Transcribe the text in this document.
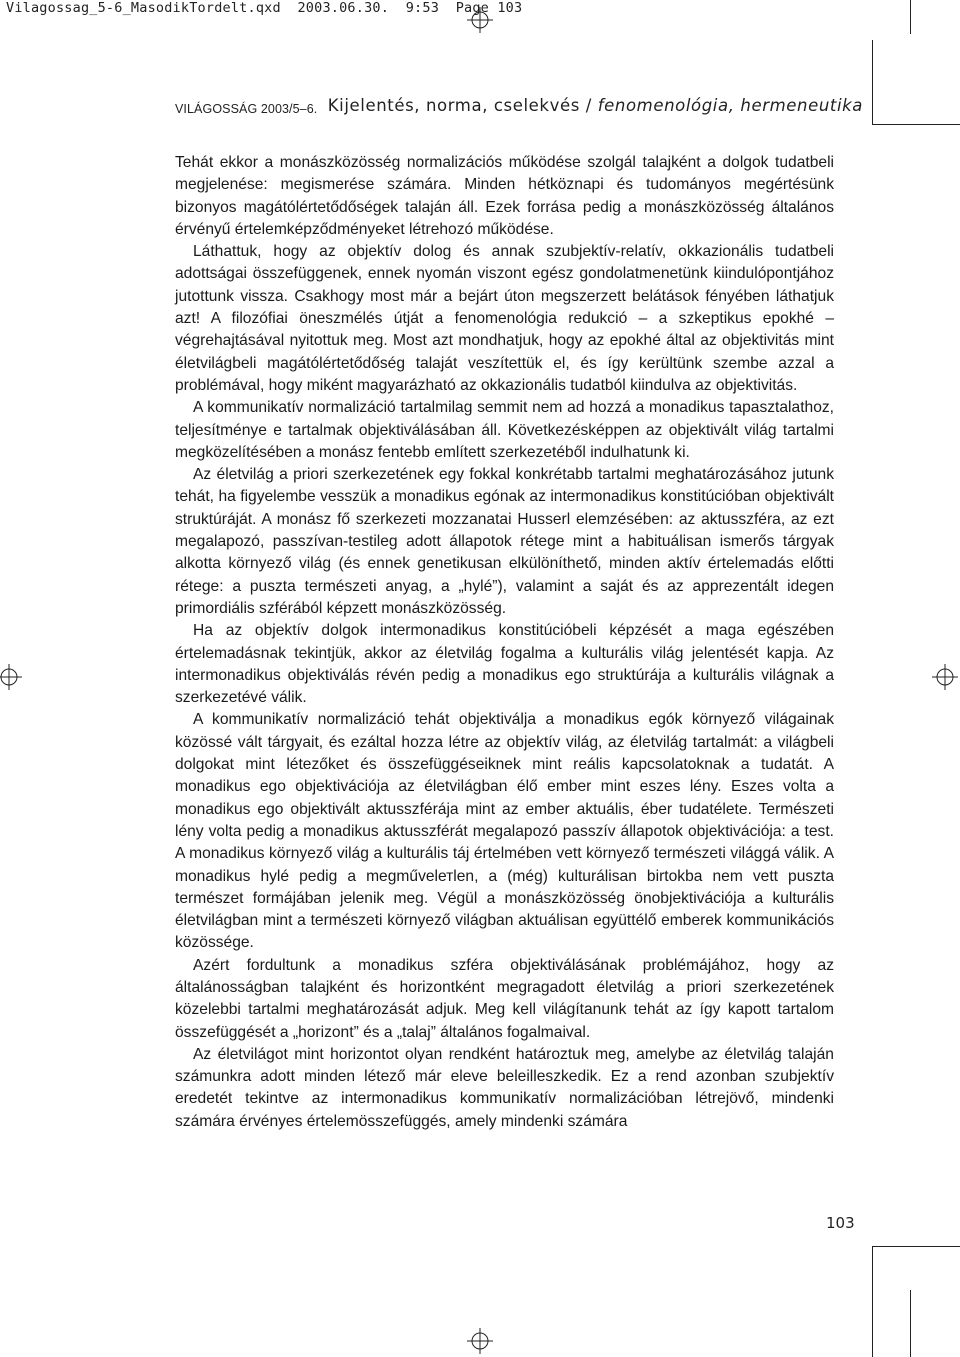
Vilagossag_5-6_MasodikTordelt.qxd  2003.06.30.  9:53  Page 103
VILÁGOSSÁG 2003/5–6. Kijelentés, norma, cselekvés / fenomenológia, hermeneutika

Tehát ekkor a monászközösség normalizációs működése szolgál talajként a dolgok tudatbeli megjelenése: megismerése számára. Minden hétköznapi és tudományos megértésünk bizonyos magátólértetődőségek talaján áll. Ezek forrása pedig a monászközösség általános érvényű értelemképződményeket létrehozó működése.

Láthattuk, hogy az objektív dolog és annak szubjektív-relatív, okkazionális tudatbeli adottságai összefüggenek, ennek nyomán viszont egész gondolatmenetünk kiindulópontjához jutottunk vissza. Csakhogy most már a bejárt úton megszerzett belátások fényében láthatjuk azt! A filozófiai öneszmélés útját a fenomenológia redukció – a szkeptikus epokhé – végrehajtásával nyitottuk meg. Most azt mondhatjuk, hogy az epokhé által az objektivitás mint életvilágbeli magátólértetődőség talaját veszítettük el, és így kerültünk szembe azzal a problémával, hogy miként magyarázható az okkazionális tudatból kiindulva az objektivitás.

A kommunikatív normalizáció tartalmilag semmit nem ad hozzá a monadikus tapasztalathoz, teljesítménye e tartalmak objektiválásában áll. Következésképpen az objektivált világ tartalmi megközelítésében a monász fentebb említett szerkezetéből indulhatunk ki.

Az életvilág a priori szerkezetének egy fokkal konkrétabb tartalmi meghatározásához jutunk tehát, ha figyelembe vesszük a monadikus egónak az intermonadikus konstitúcióban objektivált struktúráját. A monász fő szerkezeti mozzanatai Husserl elemzésében: az aktusszféra, az ezt megalapozó, passzívan-testileg adott állapotok rétege mint a habituálisan ismerős tárgyak alkotta környező világ (és ennek genetikusan elkülöníthető, minden aktív értelemadás előtti rétege: a puszta természeti anyag, a „hylé”), valamint a saját és az apprezentált idegen primordiális szférából képzett monászközösség.

Ha az objektív dolgok intermonadikus konstitúcióbeli képzését a maga egészében értelemadásnak tekintjük, akkor az életvilág fogalma a kulturális világ jelentését kapja. Az intermonadikus objektiválás révén pedig a monadikus ego struktúrája a kulturális világnak a szerkezetévé válik.

A kommunikatív normalizáció tehát objektiválja a monadikus egók környező világainak közössé vált tárgyait, és ezáltal hozza létre az objektív világ, az életvilág tartalmát: a világbeli dolgokat mint létezőket és összefüggéseiknek mint reális kapcsolatoknak a tudatát. A monadikus ego objektivációja az életvilágban élő ember mint eszes lény. Eszes volta a monadikus ego objektivált aktusszférája mint az ember aktuális, éber tudatélete. Természeti lény volta pedig a monadikus aktusszférát megalapozó passzív állapotok objektivációja: a test. A monadikus környező világ a kulturális táj értelmében vett környező természeti világgá válik. A monadikus hylé pedig a megművelетlen, a (még) kulturálisan birtokba nem vett puszta természet formájában jelenik meg. Végül a monászközösség önobjektivációja a kulturális életvilágban mint a természeti környező világban aktuálisan együttélő emberek kommunikációs közössége.

Azért fordultunk a monadikus szféra objektiválásának problémájához, hogy az általánosságban talajként és horizontként megragadott életvilág a priori szerkezetének közelebbi tartalmi meghatározását adjuk. Meg kell világítanunk tehát az így kapott tartalom összefüggését a „horizont” és a „talaj” általános fogalmaival.

Az életvilágot mint horizontot olyan rendként határoztuk meg, amelybe az életvilág talaján számunkra adott minden létező már eleve beleilleszkedik. Ez a rend azonban szubjektív eredetét tekintve az intermonadikus kommunikatív normalizációban létrejövő, mindenki számára érvényes értelemösszefüggés, amely mindenki számára

103
